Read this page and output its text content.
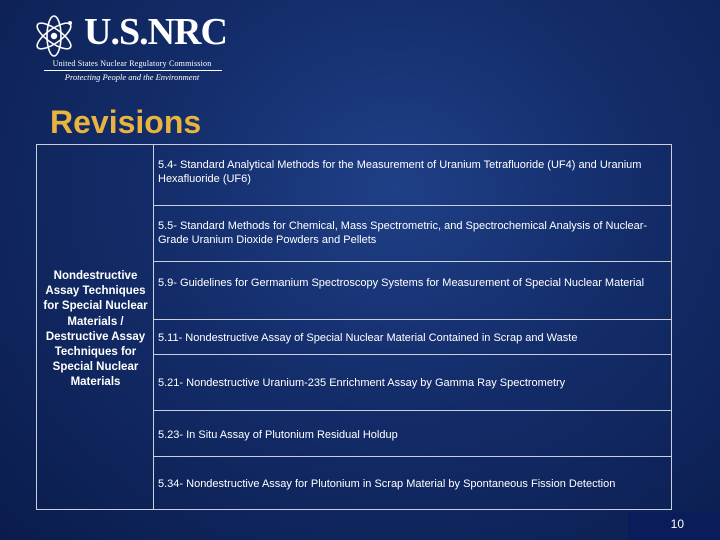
U.S.NRC
United States Nuclear Regulatory Commission
Protecting People and the Environment
Revisions
Nondestructive
Assay Techniques
for Special Nuclear
Materials /
Destructive Assay
Techniques for
Special Nuclear
Materials
5.4- Standard Analytical Methods for the Measurement of Uranium Tetrafluoride (UF4) and Uranium Hexafluoride (UF6)
5.5- Standard Methods for Chemical, Mass Spectrometric, and Spectrochemical Analysis of Nuclear-Grade Uranium Dioxide Powders and Pellets
5.9- Guidelines for Germanium Spectroscopy Systems for Measurement of Special Nuclear Material
5.11- Nondestructive Assay of Special Nuclear Material Contained in Scrap and Waste
5.21- Nondestructive Uranium-235 Enrichment Assay by Gamma Ray Spectrometry
5.23- In Situ Assay of Plutonium Residual Holdup
5.34- Nondestructive Assay for Plutonium in Scrap Material by Spontaneous Fission Detection
10
